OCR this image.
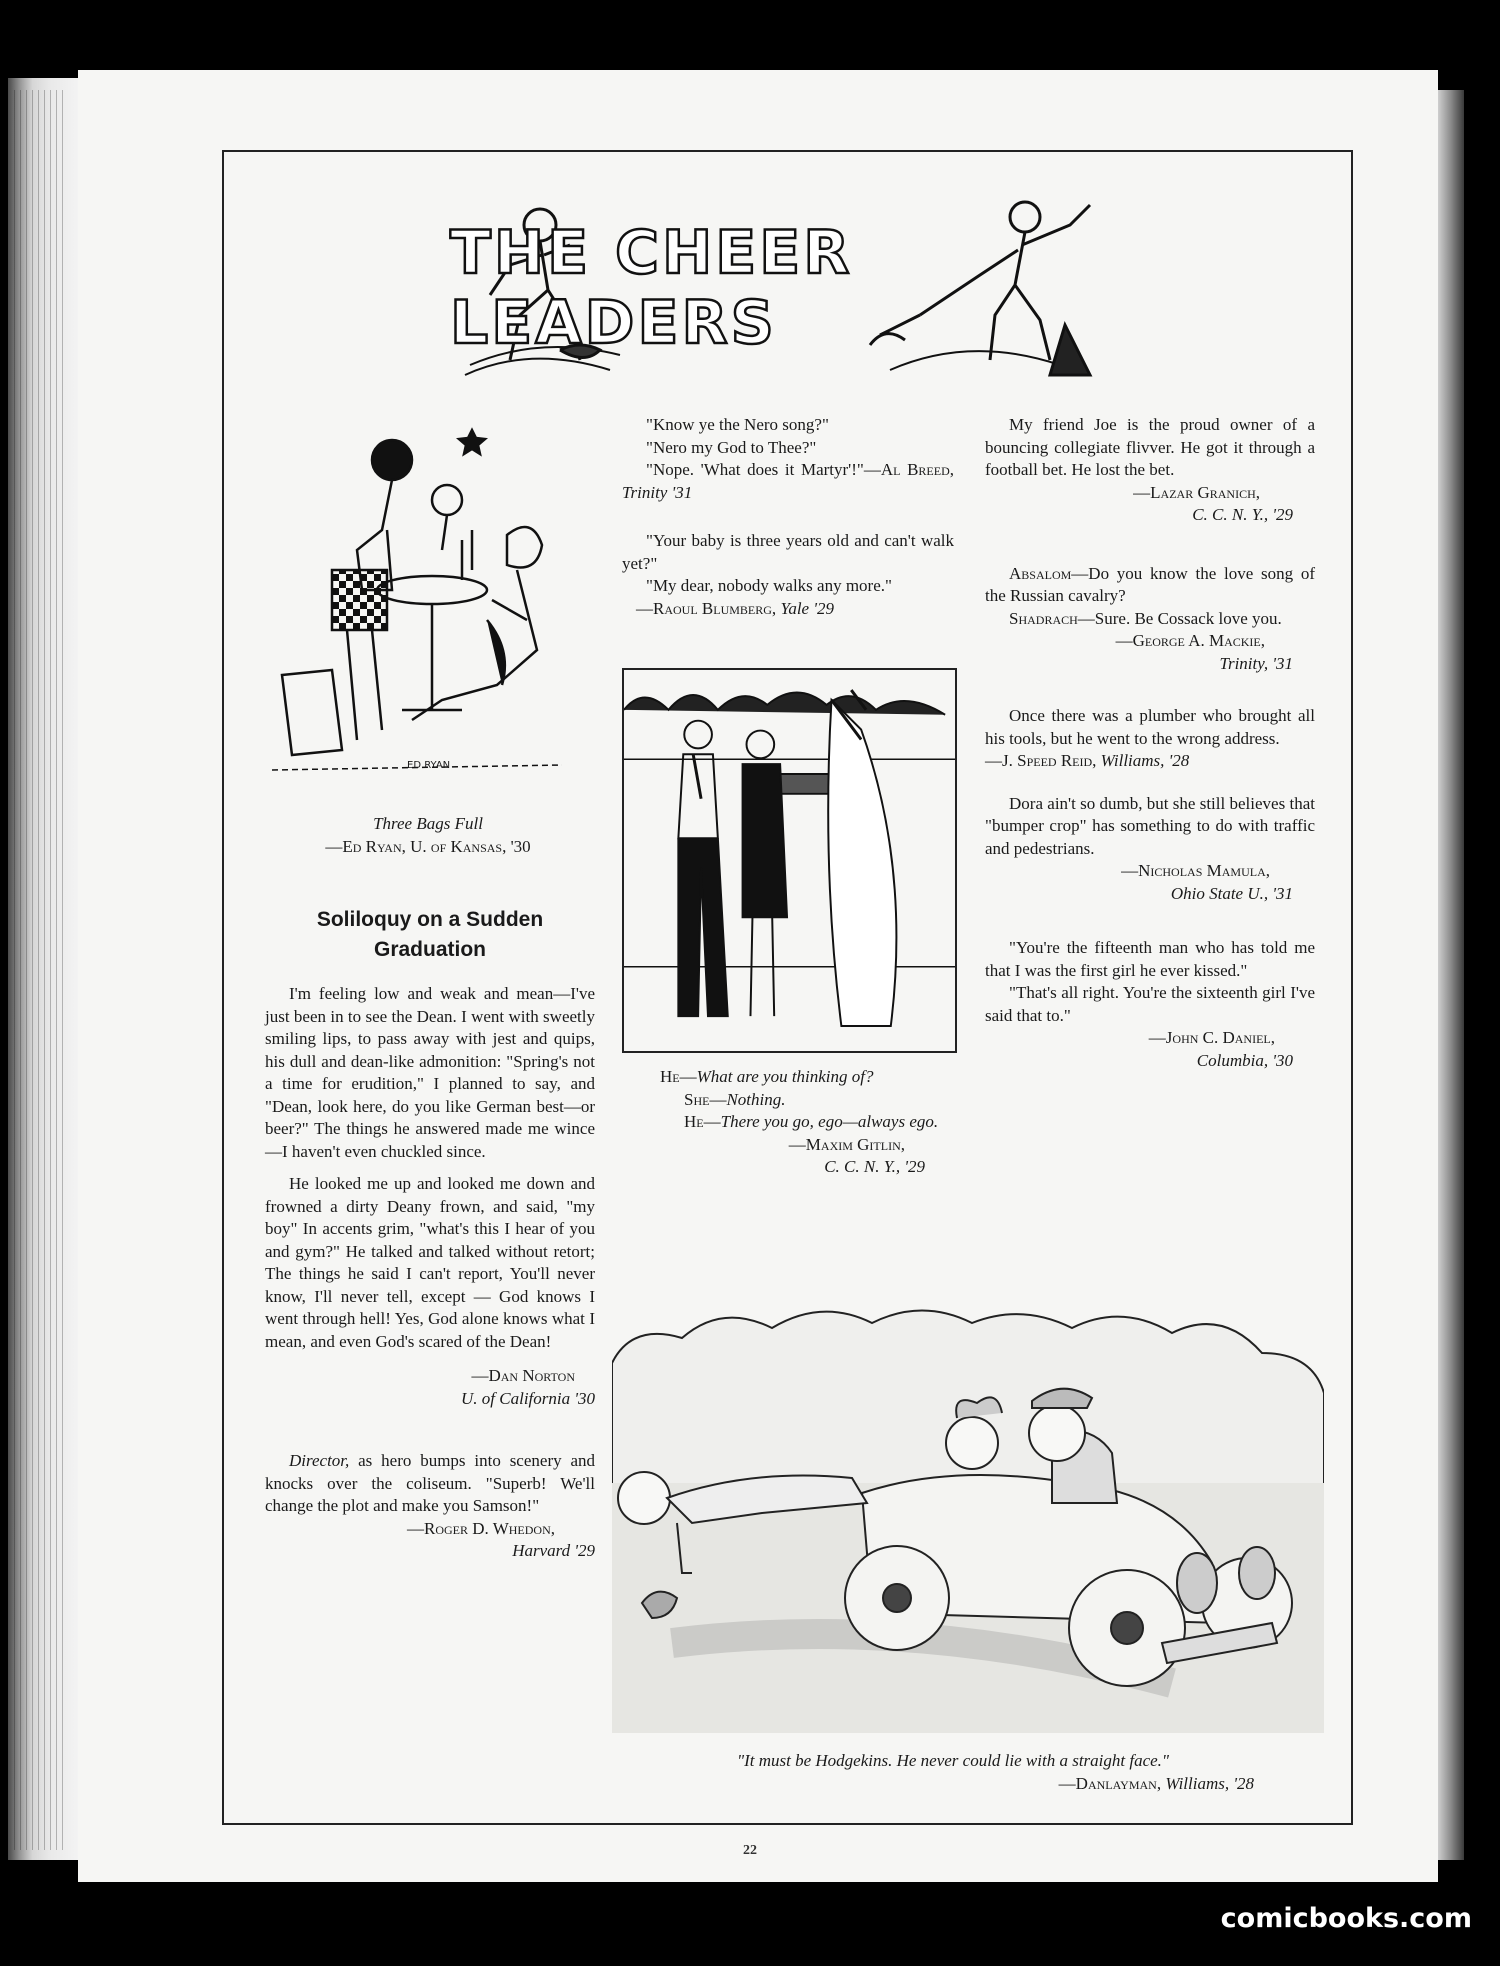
THE CHEER LEADERS
ED RYAN
Three Bags Full
—Ed Ryan, U. of Kansas, '30
Soliloquy on a Sudden
Graduation

I'm feeling low and weak and mean—I've just been in to see the Dean. I went with sweetly smiling lips, to pass away with jest and quips, his dull and dean-like admonition: "Spring's not a time for erudition," I planned to say, and "Dean, look here, do you like German best—or beer?" The things he answered made me wince—I haven't even chuckled since.

He looked me up and looked me down and frowned a dirty Deany frown, and said, "my boy" In accents grim, "what's this I hear of you and gym?" He talked and talked without retort; The things he said I can't report, You'll never know, I'll never tell, except — God knows I went through hell! Yes, God alone knows what I mean, and even God's scared of the Dean!

—Dan Norton

U. of California '30

Director, as hero bumps into scenery and knocks over the coliseum. "Superb! We'll change the plot and make you Samson!"

—Roger D. Whedon,

Harvard '29

"Know ye the Nero song?"

"Nero my God to Thee?"

"Nope. 'What does it Martyr'!"—Al Breed, Trinity '31

"Your baby is three years old and can't walk yet?"

"My dear, nobody walks any more."

—Raoul Blumberg, Yale '29

He—What are you thinking of?

She—Nothing.

He—There you go, ego—always ego.

—Maxim Gitlin,

C. C. N. Y., '29

My friend Joe is the proud owner of a bouncing collegiate flivver. He got it through a football bet. He lost the bet.

—Lazar Granich,

C. C. N. Y., '29

Absalom—Do you know the love song of the Russian cavalry?

Shadrach—Sure. Be Cossack love you.

—George A. Mackie,

Trinity, '31

Once there was a plumber who brought all his tools, but he went to the wrong address.

—J. Speed Reid, Williams, '28

Dora ain't so dumb, but she still believes that "bumper crop" has something to do with traffic and pedestrians.

—Nicholas Mamula,

Ohio State U., '31

"You're the fifteenth man who has told me that I was the first girl he ever kissed."

"That's all right. You're the sixteenth girl I've said that to."

—John C. Daniel,

Columbia, '30

"It must be Hodgekins. He never could lie with a straight face."

—Danlayman, Williams, '28

22
comicbooks.com
